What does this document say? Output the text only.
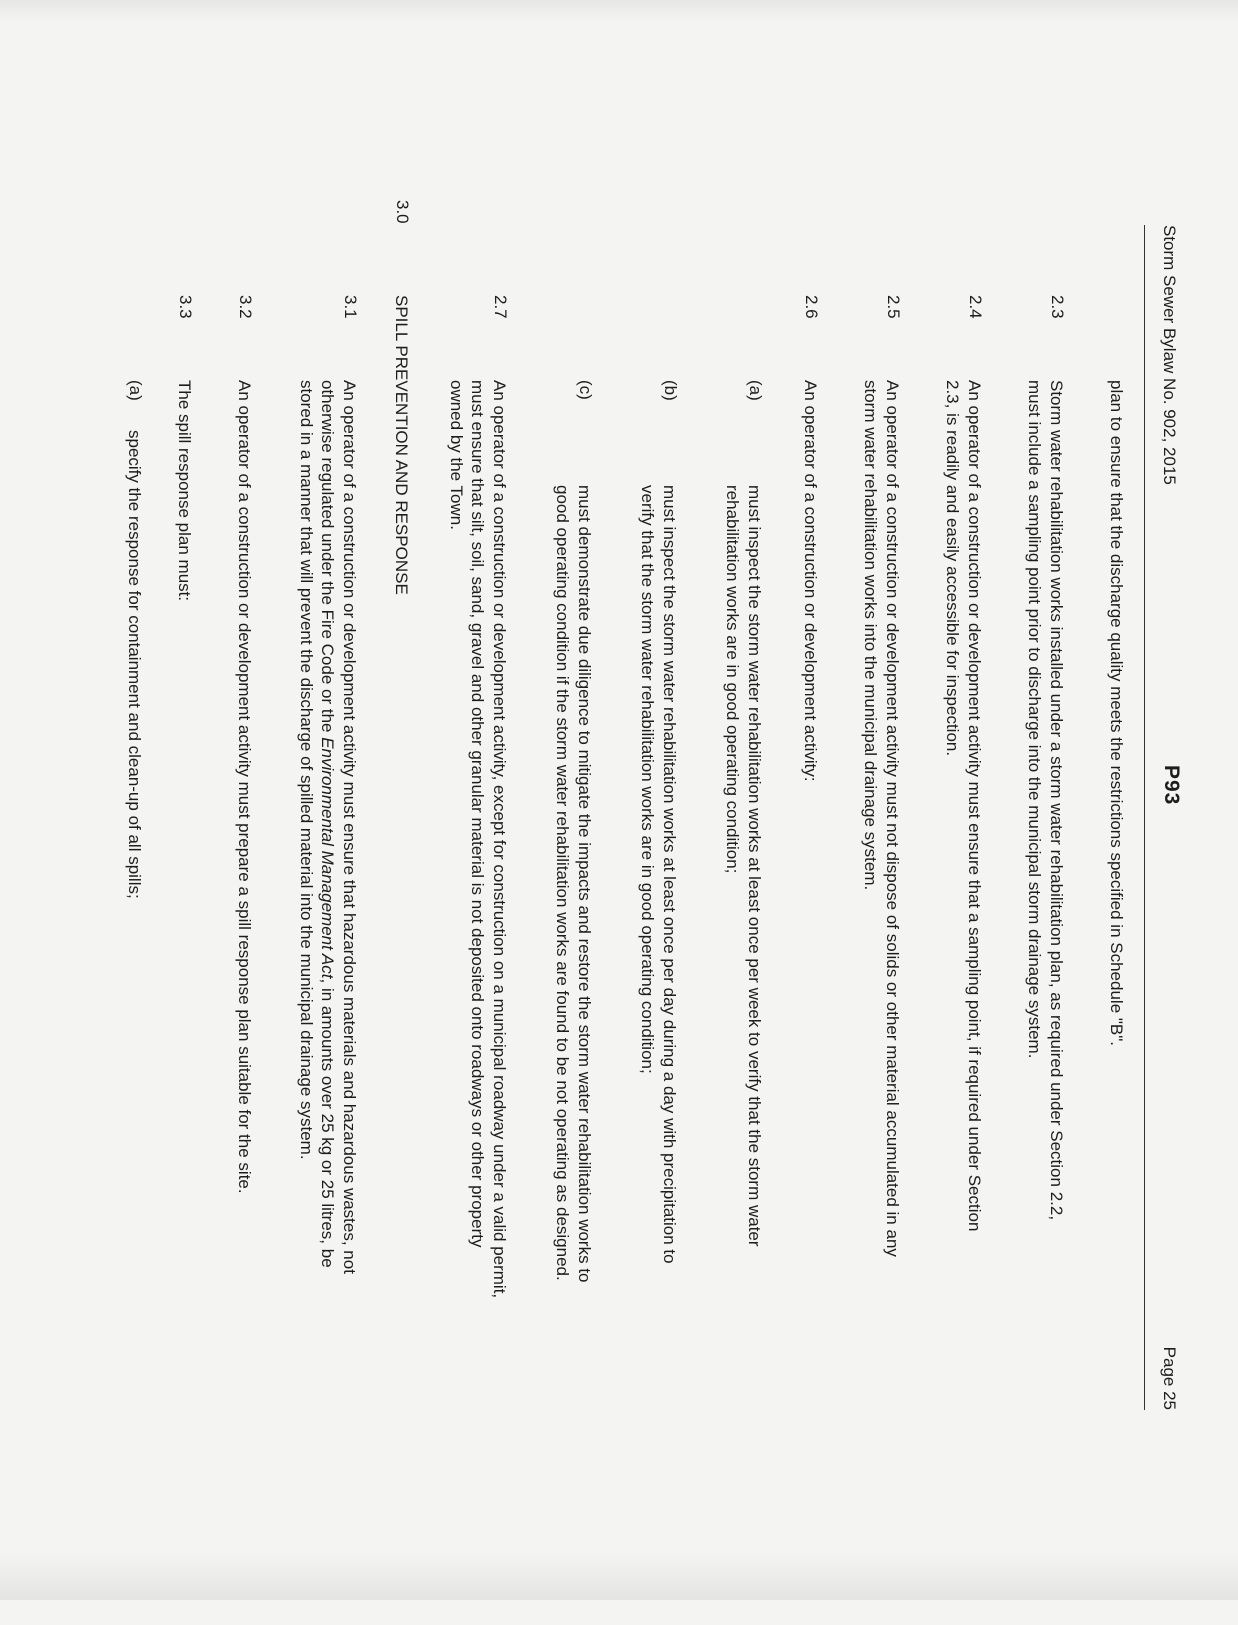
Storm Sewer Bylaw No. 902, 2015
P93
Page 25
plan to ensure that the discharge quality meets the restrictions specified in Schedule "B".
2.3
Storm water rehabilitation works installed under a storm water rehabilitation plan, as required under Section 2.2, must include a sampling point prior to discharge into the municipal storm drainage system.
2.4
An operator of a construction or development activity must ensure that a sampling point, if required under Section 2.3, is readily and easily accessible for inspection.
2.5
An operator of a construction or development activity must not dispose of solids or other material accumulated in any storm water rehabilitation works into the municipal drainage system.
2.6
An operator of a construction or development activity:
(a)
must inspect the storm water rehabilitation works at least once per week to verify that the storm water rehabilitation works are in good operating condition;
(b)
must inspect the storm water rehabilitation works at least once per day during a day with precipitation to verify that the storm water rehabilitation works are in good operating condition;
(c)
must demonstrate due diligence to mitigate the impacts and restore the storm water rehabilitation works to good operating condition if the storm water rehabilitation works are found to be not operating as designed.
2.7
An operator of a construction or development activity, except for construction on a municipal roadway under a valid permit, must ensure that silt, soil, sand, gravel and other granular material is not deposited onto roadways or other property owned by the Town.
3.0
SPILL PREVENTION AND RESPONSE
3.1
An operator of a construction or development activity must ensure that hazardous materials and hazardous wastes, not otherwise regulated under the Fire Code or the Environmental Management Act, in amounts over 25 kg or 25 litres, be stored in a manner that will prevent the discharge of spilled material into the municipal drainage system.
3.2
An operator of a construction or development activity must prepare a spill response plan suitable for the site.
3.3
The spill response plan must:
(a)
specify the response for containment and clean-up of all spills;
